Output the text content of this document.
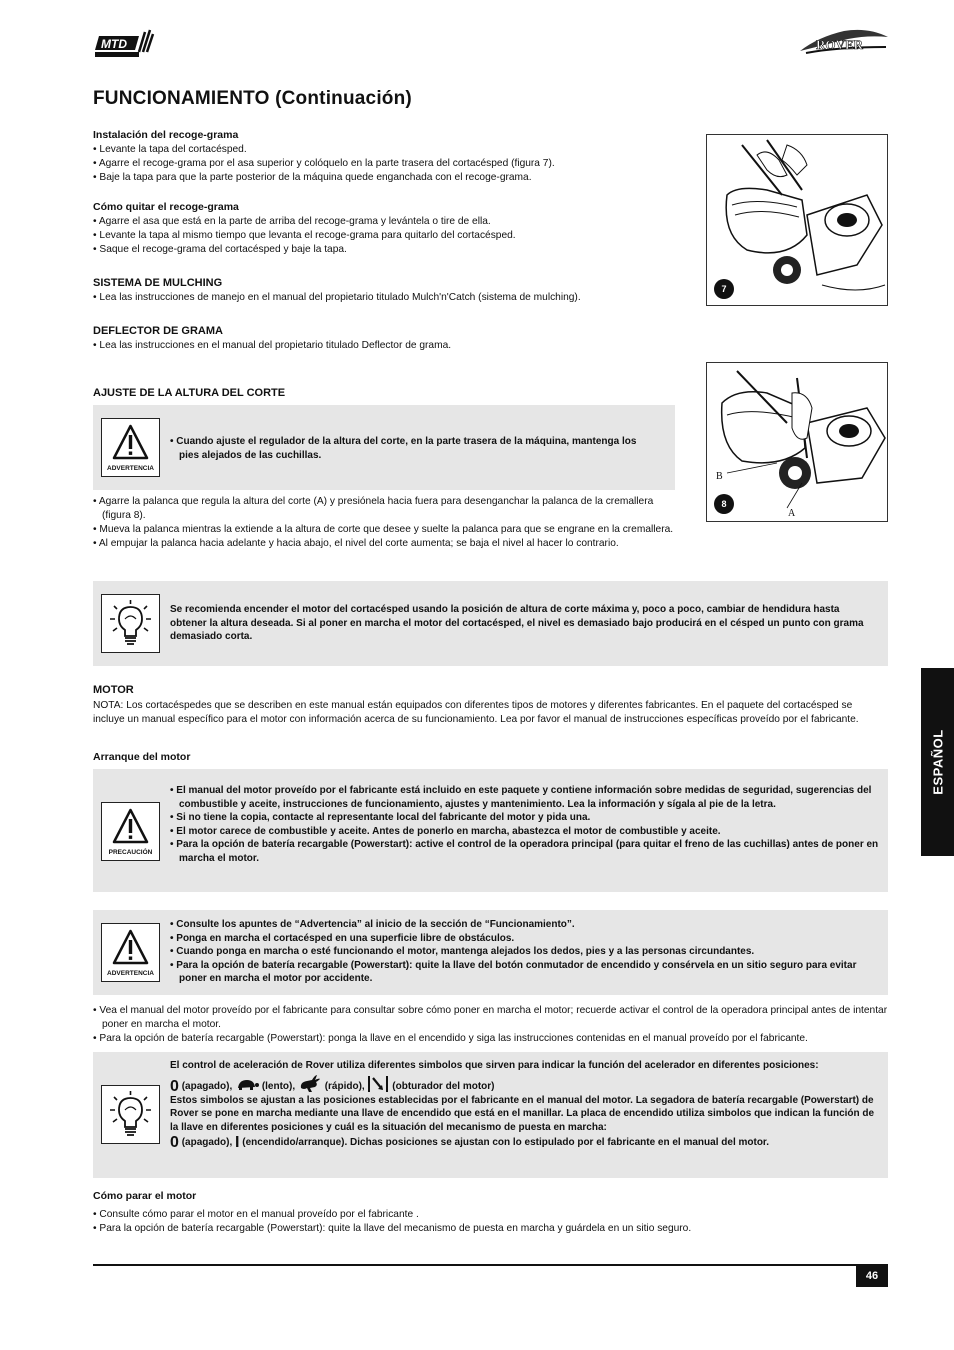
MTD	ROVER
FUNCIONAMIENTO (Continuación)
Instalación del recoge-grama
• Levante la tapa del cortacésped.
• Agarre el recoge-grama por el asa superior y colóquelo en la parte trasera del cortacésped (figura 7).
• Baje la tapa para que la parte posterior de la máquina quede enganchada con el recoge-grama.
Cómo quitar el recoge-grama
• Agarre el asa que está en la parte de arriba del recoge-grama y levántela o tire de ella.
• Levante la tapa al mismo tiempo que levanta el recoge-grama para quitarlo del cortacésped.
• Saque el recoge-grama del cortacésped y baje la tapa.
SISTEMA DE MULCHING
• Lea las instrucciones de manejo en el manual del propietario titulado Mulch'n'Catch (sistema de mulching).
DEFLECTOR DE GRAMA
• Lea las instrucciones en el manual del propietario titulado Deflector de grama.
7
B
A
8
AJUSTE DE LA ALTURA DEL CORTE
ADVERTENCIA
• Cuando ajuste el regulador de la altura del corte, en la parte trasera de la máquina, mantenga los pies alejados de las cuchillas.
• Agarre la palanca que regula la altura del corte (A) y presiónela hacia fuera para desenganchar la palanca de la cremallera (figura 8).
• Mueva la palanca mientras la extiende a la altura de corte que desee y suelte la palanca para que se engrane en la cremallera.
• Al empujar la palanca hacia adelante y hacia abajo, el nivel del corte aumenta; se baja el nivel al hacer lo contrario.
Se recomienda encender el motor del cortacésped usando la posición de altura de corte máxima y, poco a poco, cambiar de hendidura hasta obtener la altura deseada. Si al poner en marcha el motor del cortacésped, el nivel es demasiado bajo producirá en el césped un punto con grama demasiado corta.
MOTOR
NOTA: Los cortacéspedes que se describen en este manual están equipados con diferentes tipos de motores y diferentes fabricantes. En el paquete del cortacésped se incluye un manual específico para el motor con información acerca de su funcionamiento. Lea por favor el manual de instrucciones específicas proveído por el fabricante.
Arranque del motor
PRECAUCIÓN
• El manual del motor proveído por el fabricante está incluido en este paquete y contiene información sobre medidas de seguridad, sugerencias del combustible y aceite, instrucciones de funcionamiento, ajustes y mantenimiento. Lea la información y sígala al pie de la letra.
• Si no tiene la copia, contacte al representante local del fabricante del motor y pida una.
• El motor carece de combustible y aceite. Antes de ponerlo en marcha, abastezca el motor de combustible y aceite.
• Para la opción de batería recargable (Powerstart): active el control de la operadora principal (para quitar el freno de las cuchillas) antes de poner en marcha el motor.
ADVERTENCIA
• Consulte los apuntes de “Advertencia” al inicio de la sección de “Funcionamiento”.
• Ponga en marcha el cortacésped en una superficie libre de obstáculos.
• Cuando ponga en marcha o esté funcionando el motor, mantenga alejados los dedos, pies y a las personas circundantes.
• Para la opción de batería recargable (Powerstart): quite la llave del botón conmutador de encendido y consérvela en un sitio seguro para evitar poner en marcha el motor por accidente.
• Vea el manual del motor proveído por el fabricante para consultar sobre cómo poner en marcha el motor; recuerde activar el control de la operadora principal antes de intentar poner en marcha el motor.
• Para la opción de batería recargable (Powerstart): ponga la llave en el encendido y siga las instrucciones contenidas en el manual proveído por el fabricante.
El control de aceleración de Rover utiliza diferentes simbolos que sirven para indicar la función del acelerador en diferentes posiciones:
0 (apagado),	(lento),	(rápido),	(obturador del motor)
Estos simbolos se ajustan a las posiciones establecidas por el fabricante en el manual del motor. La segadora de batería recargable (Powerstart) de Rover se pone en marcha mediante una llave de encendido que está en el manillar. La placa de encendido utiliza simbolos que indican la función de la llave en diferentes posiciones y cuál es la situación del mecanismo de puesta en marcha:
0 (apagado), I (encendido/arranque). Dichas posiciones se ajustan con lo estipulado por el fabricante en el manual del motor.
Cómo parar el motor
• Consulte cómo parar el motor en el manual proveído por el fabricante .
• Para la opción de batería recargable (Powerstart): quite la llave del mecanismo de puesta en marcha y guárdela en un sitio seguro.
ESPAÑOL
46
